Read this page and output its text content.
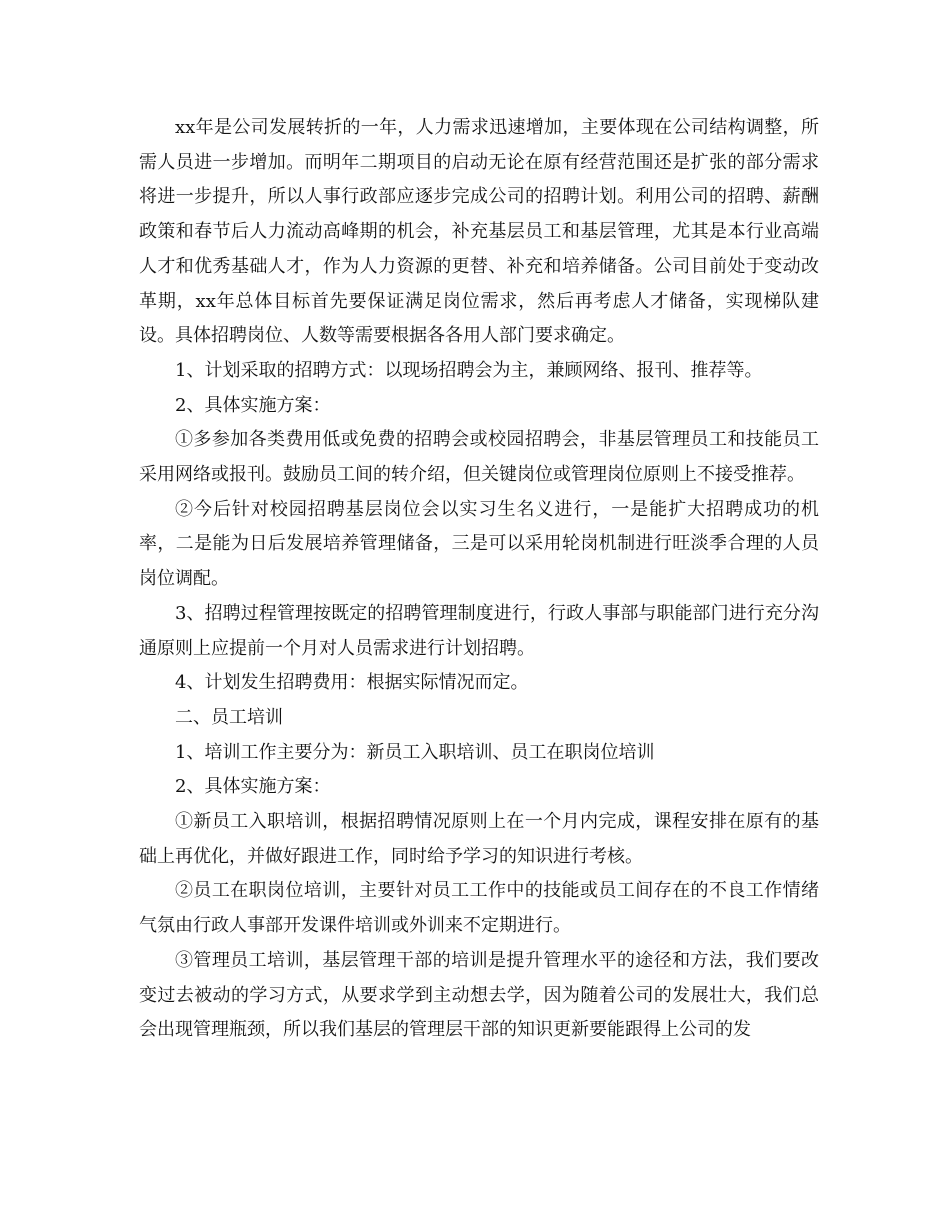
xx年是公司发展转折的一年，人力需求迅速增加，主要体现在公司结构调整，所需人员进一步增加。而明年二期项目的启动无论在原有经营范围还是扩张的部分需求将进一步提升，所以人事行政部应逐步完成公司的招聘计划。利用公司的招聘、薪酬政策和春节后人力流动高峰期的机会，补充基层员工和基层管理，尤其是本行业高端人才和优秀基础人才，作为人力资源的更替、补充和培养储备。公司目前处于变动改革期，xx年总体目标首先要保证满足岗位需求，然后再考虑人才储备，实现梯队建设。具体招聘岗位、人数等需要根据各各用人部门要求确定。

1、计划采取的招聘方式：以现场招聘会为主，兼顾网络、报刊、推荐等。

2、具体实施方案：

①多参加各类费用低或免费的招聘会或校园招聘会，非基层管理员工和技能员工采用网络或报刊。鼓励员工间的转介绍，但关键岗位或管理岗位原则上不接受推荐。

②今后针对校园招聘基层岗位会以实习生名义进行，一是能扩大招聘成功的机率，二是能为日后发展培养管理储备，三是可以采用轮岗机制进行旺淡季合理的人员岗位调配。

3、招聘过程管理按既定的招聘管理制度进行，行政人事部与职能部门进行充分沟通原则上应提前一个月对人员需求进行计划招聘。

4、计划发生招聘费用：根据实际情况而定。

二、员工培训

1、培训工作主要分为：新员工入职培训、员工在职岗位培训

2、具体实施方案：

①新员工入职培训，根据招聘情况原则上在一个月内完成，课程安排在原有的基础上再优化，并做好跟进工作，同时给予学习的知识进行考核。

②员工在职岗位培训，主要针对员工工作中的技能或员工间存在的不良工作情绪气氛由行政人事部开发课件培训或外训来不定期进行。

③管理员工培训，基层管理干部的培训是提升管理水平的途径和方法，我们要改变过去被动的学习方式，从要求学到主动想去学，因为随着公司的发展壮大，我们总会出现管理瓶颈，所以我们基层的管理层干部的知识更新要能跟得上公司的发
